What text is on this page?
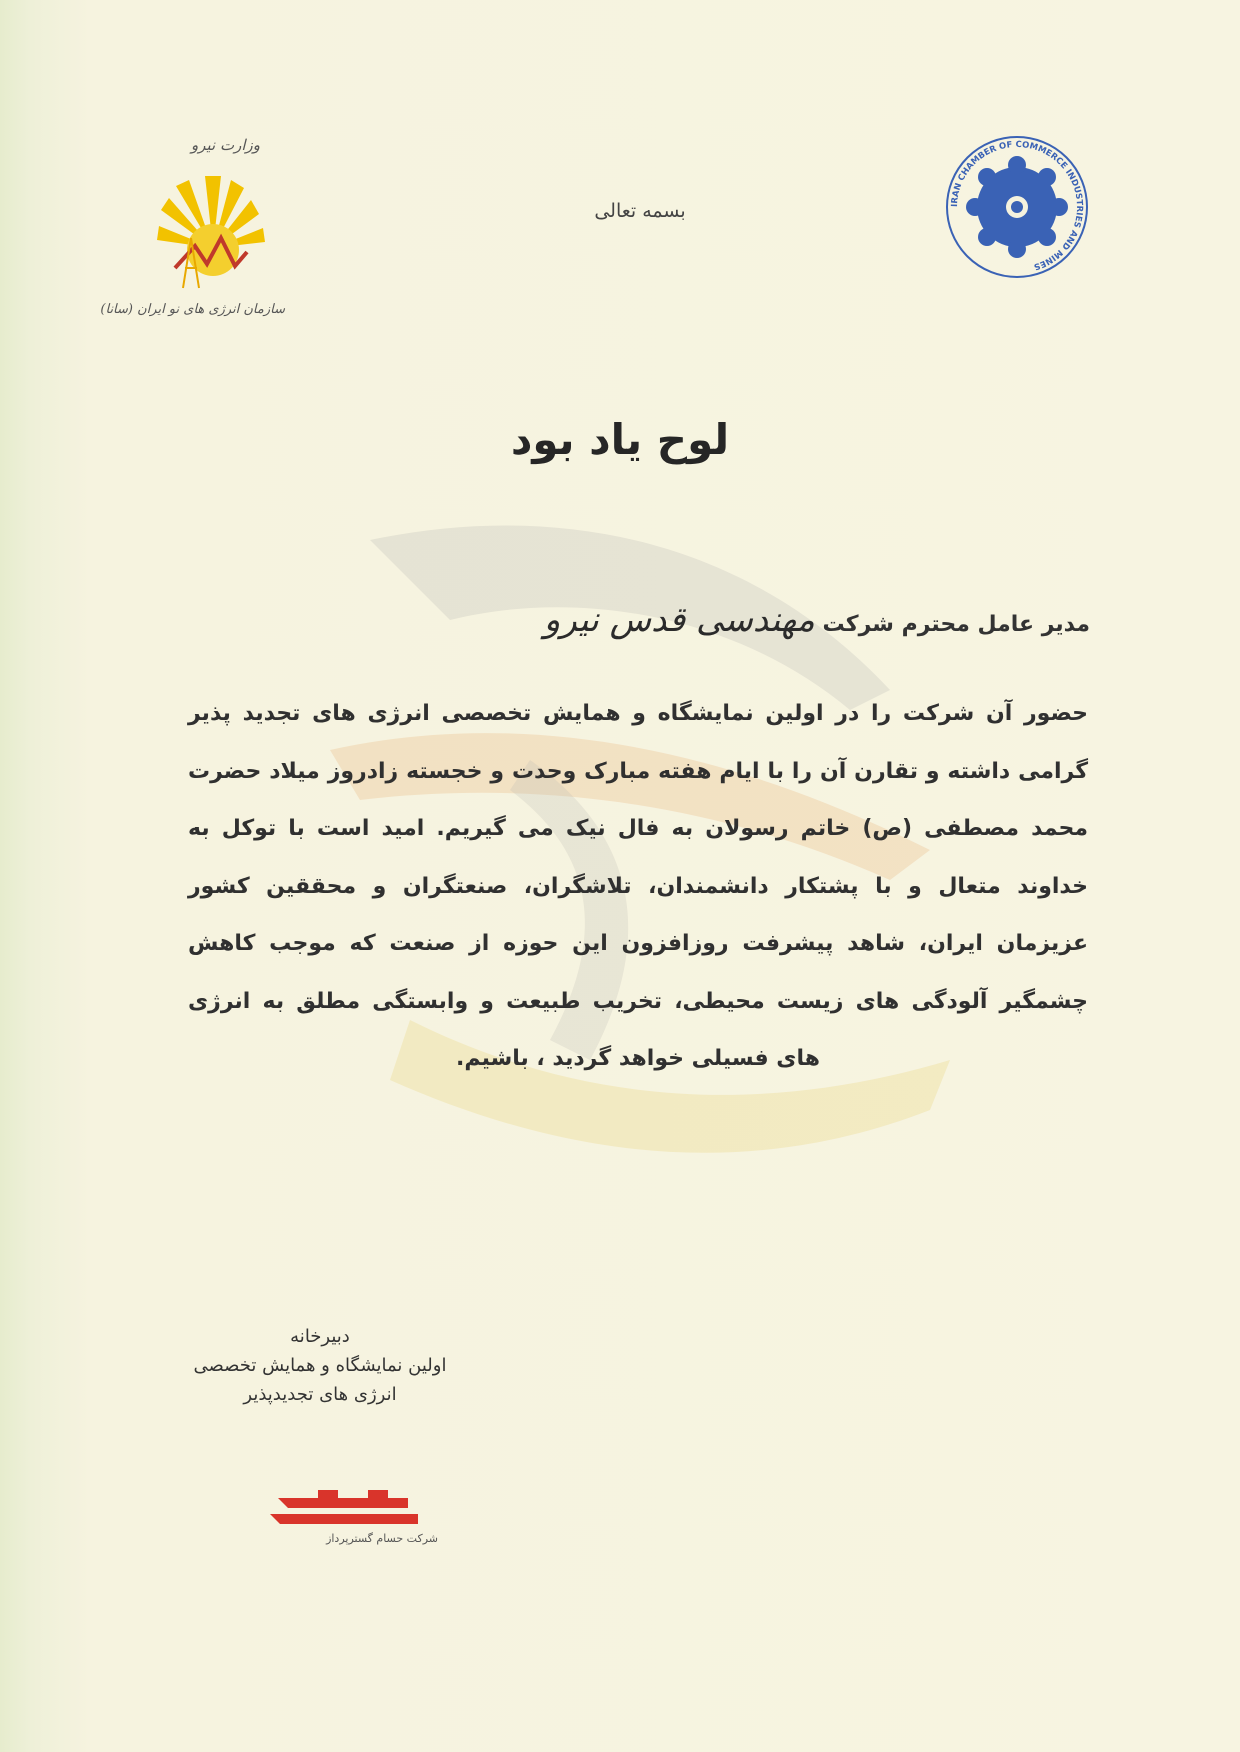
وزارت نیرو
سازمان انرژی های نو ایران (سانا)
IRAN CHAMBER OF COMMERCE INDUSTRIES AND MINES
بسمه تعالی
لوح یاد بود
مدیر عامل محترم شرکت مهندسی قدس نیرو
حضور آن شرکت را در اولین نمایشگاه و همایش تخصصی انرژی های تجدید پذیر گرامی داشته و تقارن آن را با ایام هفته مبارک وحدت و خجسته زادروز میلاد حضرت محمد مصطفی (ص) خاتم رسولان به فال نیک می گیریم. امید است با توکل به خداوند متعال و با پشتکار دانشمندان، تلاشگران، صنعتگران و محققین کشور عزیزمان ایران، شاهد پیشرفت روزافزون این حوزه از صنعت که موجب کاهش چشمگیر آلودگی های زیست محیطی، تخریب طبیعت و وابستگی مطلق به انرژی های فسیلی خواهد گردید ، باشیم.
دبیرخانه
اولین نمایشگاه و همایش تخصصی
انرژی های تجدیدپذیر
شرکت حسام گسترپرداز
